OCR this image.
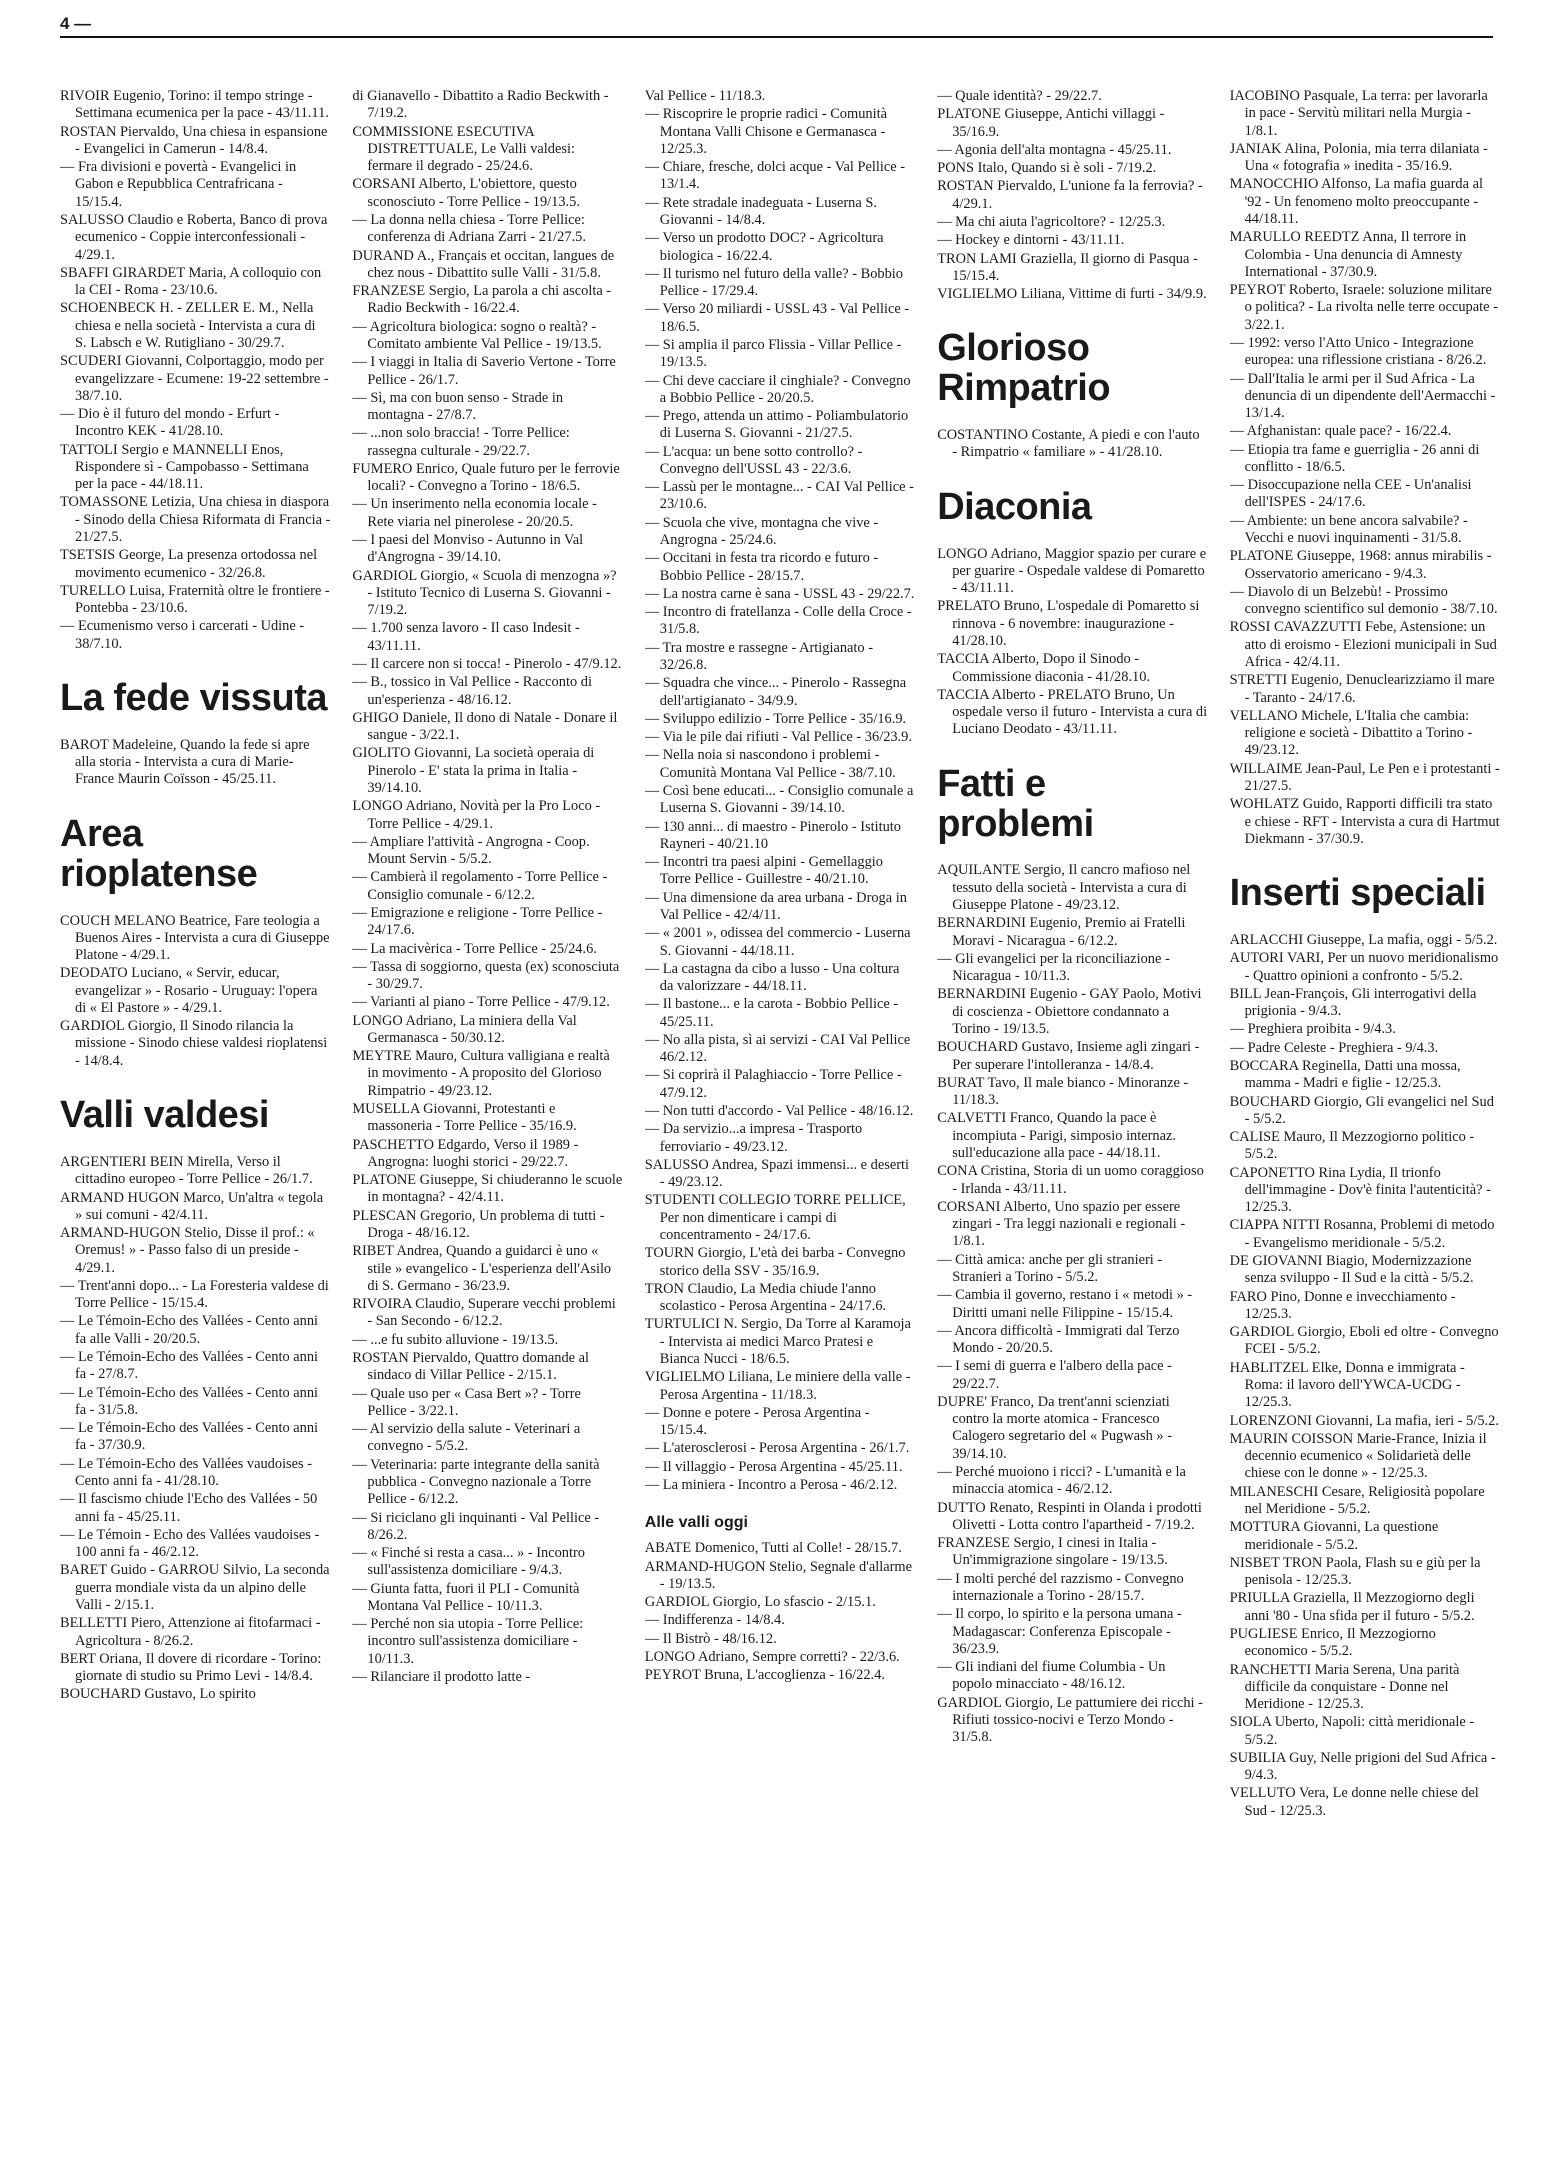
4 —

RIVOIR Eugenio, Torino: il tempo stringe - Settimana ecumenica per la pace - 43/11.11.

ROSTAN Piervaldo, Una chiesa in espansione - Evangelici in Camerun - 14/8.4.

— Fra divisioni e povertà - Evangelici in Gabon e Repubblica Centrafricana - 15/15.4.

SALUSSO Claudio e Roberta, Banco di prova ecumenico - Coppie interconfessionali - 4/29.1.

SBAFFI GIRARDET Maria, A colloquio con la CEI - Roma - 23/10.6.

SCHOENBECK H. - ZELLER E. M., Nella chiesa e nella società - Intervista a cura di S. Labsch e W. Rutigliano - 30/29.7.

SCUDERI Giovanni, Colportaggio, modo per evangelizzare - Ecumene: 19-22 settembre - 38/7.10.

— Dio è il futuro del mondo - Erfurt - Incontro KEK - 41/28.10.

TATTOLI Sergio e MANNELLI Enos, Rispondere sì - Campobasso - Settimana per la pace - 44/18.11.

TOMASSONE Letizia, Una chiesa in diaspora - Sinodo della Chiesa Riformata di Francia - 21/27.5.

TSETSIS George, La presenza ortodossa nel movimento ecumenico - 32/26.8.

TURELLO Luisa, Fraternità oltre le frontiere - Pontebba - 23/10.6.

— Ecumenismo verso i carcerati - Udine - 38/7.10.

La fede vissuta

BAROT Madeleine, Quando la fede si apre alla storia - Intervista a cura di Marie-France Maurin Coïsson - 45/25.11.

Area rioplatense

COUCH MELANO Beatrice, Fare teologia a Buenos Aires - Intervista a cura di Giuseppe Platone - 4/29.1.

DEODATO Luciano, « Servir, educar, evangelizar » - Rosario - Uruguay: l'opera di « El Pastore » - 4/29.1.

GARDIOL Giorgio, Il Sinodo rilancia la missione - Sinodo chiese valdesi rioplatensi - 14/8.4.

Valli valdesi

ARGENTIERI BEIN Mirella, Verso il cittadino europeo - Torre Pellice - 26/1.7.

ARMAND HUGON Marco, Un'altra « tegola » sui comuni - 42/4.11.

ARMAND-HUGON Stelio, Disse il prof.: « Oremus! » - Passo falso di un preside - 4/29.1.

— Trent'anni dopo... - La Foresteria valdese di Torre Pellice - 15/15.4.

— Le Témoin-Echo des Vallées - Cento anni fa alle Valli - 20/20.5.

— Le Témoin-Echo des Vallées - Cento anni fa - 27/8.7.

— Le Témoin-Echo des Vallées - Cento anni fa - 31/5.8.

— Le Témoin-Echo des Vallées - Cento anni fa - 37/30.9.

— Le Témoin-Echo des Vallées vaudoises - Cento anni fa - 41/28.10.

— Il fascismo chiude l'Echo des Vallées - 50 anni fa - 45/25.11.

— Le Témoin - Echo des Vallées vaudoises - 100 anni fa - 46/2.12.

BARET Guido - GARROU Silvio, La seconda guerra mondiale vista da un alpino delle Valli - 2/15.1.

BELLETTI Piero, Attenzione ai fitofarmaci - Agricoltura - 8/26.2.

BERT Oriana, Il dovere di ricordare - Torino: giornate di studio su Primo Levi - 14/8.4.

BOUCHARD Gustavo, Lo spirito

di Gianavello - Dibattito a Radio Beckwith - 7/19.2.

COMMISSIONE ESECUTIVA DISTRETTUALE, Le Valli valdesi: fermare il degrado - 25/24.6.

CORSANI Alberto, L'obiettore, questo sconosciuto - Torre Pellice - 19/13.5.

— La donna nella chiesa - Torre Pellice: conferenza di Adriana Zarri - 21/27.5.

DURAND A., Français et occitan, langues de chez nous - Dibattito sulle Valli - 31/5.8.

FRANZESE Sergio, La parola a chi ascolta - Radio Beckwith - 16/22.4.

— Agricoltura biologica: sogno o realtà? - Comitato ambiente Val Pellice - 19/13.5.

— I viaggi in Italia di Saverio Vertone - Torre Pellice - 26/1.7.

— Sì, ma con buon senso - Strade in montagna - 27/8.7.

— ...non solo braccia! - Torre Pellice: rassegna culturale - 29/22.7.

FUMERO Enrico, Quale futuro per le ferrovie locali? - Convegno a Torino - 18/6.5.

— Un inserimento nella economia locale - Rete viaria nel pinerolese - 20/20.5.

— I paesi del Monviso - Autunno in Val d'Angrogna - 39/14.10.

GARDIOL Giorgio, « Scuola di menzogna »? - Istituto Tecnico di Luserna S. Giovanni - 7/19.2.

— 1.700 senza lavoro - Il caso Indesit - 43/11.11.

— Il carcere non si tocca! - Pinerolo - 47/9.12.

— B., tossico in Val Pellice - Racconto di un'esperienza - 48/16.12.

GHIGO Daniele, Il dono di Natale - Donare il sangue - 3/22.1.

GIOLITO Giovanni, La società operaia di Pinerolo - E' stata la prima in Italia - 39/14.10.

LONGO Adriano, Novità per la Pro Loco - Torre Pellice - 4/29.1.

— Ampliare l'attività - Angrogna - Coop. Mount Servin - 5/5.2.

— Cambierà il regolamento - Torre Pellice - Consiglio comunale - 6/12.2.

— Emigrazione e religione - Torre Pellice - 24/17.6.

— La macivèrica - Torre Pellice - 25/24.6.

— Tassa di soggiorno, questa (ex) sconosciuta - 30/29.7.

— Varianti al piano - Torre Pellice - 47/9.12.

LONGO Adriano, La miniera della Val Germanasca - 50/30.12.

MEYTRE Mauro, Cultura valligiana e realtà in movimento - A proposito del Glorioso Rimpatrio - 49/23.12.

MUSELLA Giovanni, Protestanti e massoneria - Torre Pellice - 35/16.9.

PASCHETTO Edgardo, Verso il 1989 - Angrogna: luoghi storici - 29/22.7.

PLATONE Giuseppe, Si chiuderanno le scuole in montagna? - 42/4.11.

PLESCAN Gregorio, Un problema di tutti - Droga - 48/16.12.

RIBET Andrea, Quando a guidarci è uno « stile » evangelico - L'esperienza dell'Asilo di S. Germano - 36/23.9.

RIVOIRA Claudio, Superare vecchi problemi - San Secondo - 6/12.2.

— ...e fu subito alluvione - 19/13.5.

ROSTAN Piervaldo, Quattro domande al sindaco di Villar Pellice - 2/15.1.

— Quale uso per « Casa Bert »? - Torre Pellice - 3/22.1.

— Al servizio della salute - Veterinari a convegno - 5/5.2.

— Veterinaria: parte integrante della sanità pubblica - Convegno nazionale a Torre Pellice - 6/12.2.

— Si riciclano gli inquinanti - Val Pellice - 8/26.2.

— « Finché si resta a casa... » - Incontro sull'assistenza domiciliare - 9/4.3.

— Giunta fatta, fuori il PLI - Comunità Montana Val Pellice - 10/11.3.

— Perché non sia utopia - Torre Pellice: incontro sull'assistenza domiciliare - 10/11.3.

— Rilanciare il prodotto latte -

Val Pellice - 11/18.3.

— Riscoprire le proprie radici - Comunità Montana Valli Chisone e Germanasca - 12/25.3.

— Chiare, fresche, dolci acque - Val Pellice - 13/1.4.

— Rete stradale inadeguata - Luserna S. Giovanni - 14/8.4.

— Verso un prodotto DOC? - Agricoltura biologica - 16/22.4.

— Il turismo nel futuro della valle? - Bobbio Pellice - 17/29.4.

— Verso 20 miliardi - USSL 43 - Val Pellice - 18/6.5.

— Si amplia il parco Flissia - Villar Pellice - 19/13.5.

— Chi deve cacciare il cinghiale? - Convegno a Bobbio Pellice - 20/20.5.

— Prego, attenda un attimo - Poliambulatorio di Luserna S. Giovanni - 21/27.5.

— L'acqua: un bene sotto controllo? - Convegno dell'USSL 43 - 22/3.6.

— Lassù per le montagne... - CAI Val Pellice - 23/10.6.

— Scuola che vive, montagna che vive - Angrogna - 25/24.6.

— Occitani in festa tra ricordo e futuro - Bobbio Pellice - 28/15.7.

— La nostra carne è sana - USSL 43 - 29/22.7.

— Incontro di fratellanza - Colle della Croce - 31/5.8.

— Tra mostre e rassegne - Artigianato - 32/26.8.

— Squadra che vince... - Pinerolo - Rassegna dell'artigianato - 34/9.9.

— Sviluppo edilizio - Torre Pellice - 35/16.9.

— Via le pile dai rifiuti - Val Pellice - 36/23.9.

— Nella noia si nascondono i problemi - Comunità Montana Val Pellice - 38/7.10.

— Così bene educati... - Consiglio comunale a Luserna S. Giovanni - 39/14.10.

— 130 anni... di maestro - Pinerolo - Istituto Rayneri - 40/21.10

— Incontri tra paesi alpini - Gemellaggio Torre Pellice - Guillestre - 40/21.10.

— Una dimensione da area urbana - Droga in Val Pellice - 42/4/11.

— « 2001 », odissea del commercio - Luserna S. Giovanni - 44/18.11.

— La castagna da cibo a lusso - Una coltura da valorizzare - 44/18.11.

— Il bastone... e la carota - Bobbio Pellice - 45/25.11.

— No alla pista, sì ai servizi - CAI Val Pellice 46/2.12.

— Si coprirà il Palaghiaccio - Torre Pellice - 47/9.12.

— Non tutti d'accordo - Val Pellice - 48/16.12.

— Da servizio...a impresa - Trasporto ferroviario - 49/23.12.

SALUSSO Andrea, Spazi immensi... e deserti - 49/23.12.

STUDENTI COLLEGIO TORRE PELLICE, Per non dimenticare i campi di concentramento - 24/17.6.

TOURN Giorgio, L'età dei barba - Convegno storico della SSV - 35/16.9.

TRON Claudio, La Media chiude l'anno scolastico - Perosa Argentina - 24/17.6.

TURTULICI N. Sergio, Da Torre al Karamoja - Intervista ai medici Marco Pratesi e Bianca Nucci - 18/6.5.

VIGLIELMO Liliana, Le miniere della valle - Perosa Argentina - 11/18.3.

— Donne e potere - Perosa Argentina - 15/15.4.

— L'aterosclerosi - Perosa Argentina - 26/1.7.

— Il villaggio - Perosa Argentina - 45/25.11.

— La miniera - Incontro a Perosa - 46/2.12.

Alle valli oggi

ABATE Domenico, Tutti al Colle! - 28/15.7.

ARMAND-HUGON Stelio, Segnale d'allarme - 19/13.5.

GARDIOL Giorgio, Lo sfascio - 2/15.1.

— Indifferenza - 14/8.4.

— Il Bistrò - 48/16.12.

LONGO Adriano, Sempre corretti? - 22/3.6.

PEYROT Bruna, L'accoglienza - 16/22.4.

— Quale identità? - 29/22.7.

PLATONE Giuseppe, Antichi villaggi - 35/16.9.

— Agonia dell'alta montagna - 45/25.11.

PONS Italo, Quando si è soli - 7/19.2.

ROSTAN Piervaldo, L'unione fa la ferrovia? - 4/29.1.

— Ma chi aiuta l'agricoltore? - 12/25.3.

— Hockey e dintorni - 43/11.11.

TRON LAMI Graziella, Il giorno di Pasqua - 15/15.4.

VIGLIELMO Liliana, Vittime di furti - 34/9.9.

Glorioso Rimpatrio

COSTANTINO Costante, A piedi e con l'auto - Rimpatrio « familiare » - 41/28.10.

Diaconia

LONGO Adriano, Maggior spazio per curare e per guarire - Ospedale valdese di Pomaretto - 43/11.11.

PRELATO Bruno, L'ospedale di Pomaretto si rinnova - 6 novembre: inaugurazione - 41/28.10.

TACCIA Alberto, Dopo il Sinodo - Commissione diaconia - 41/28.10.

TACCIA Alberto - PRELATO Bruno, Un ospedale verso il futuro - Intervista a cura di Luciano Deodato - 43/11.11.

Fatti e problemi

AQUILANTE Sergio, Il cancro mafioso nel tessuto della società - Intervista a cura di Giuseppe Platone - 49/23.12.

BERNARDINI Eugenio, Premio ai Fratelli Moravi - Nicaragua - 6/12.2.

— Gli evangelici per la riconciliazione - Nicaragua - 10/11.3.

BERNARDINI Eugenio - GAY Paolo, Motivi di coscienza - Obiettore condannato a Torino - 19/13.5.

BOUCHARD Gustavo, Insieme agli zingari - Per superare l'intolleranza - 14/8.4.

BURAT Tavo, Il male bianco - Minoranze - 11/18.3.

CALVETTI Franco, Quando la pace è incompiuta - Parigi, simposio internaz. sull'educazione alla pace - 44/18.11.

CONA Cristina, Storia di un uomo coraggioso - Irlanda - 43/11.11.

CORSANI Alberto, Uno spazio per essere zingari - Tra leggi nazionali e regionali - 1/8.1.

— Città amica: anche per gli stranieri - Stranieri a Torino - 5/5.2.

— Cambia il governo, restano i « metodi » - Diritti umani nelle Filippine - 15/15.4.

— Ancora difficoltà - Immigrati dal Terzo Mondo - 20/20.5.

— I semi di guerra e l'albero della pace - 29/22.7.

DUPRE' Franco, Da trent'anni scienziati contro la morte atomica - Francesco Calogero segretario del « Pugwash » - 39/14.10.

— Perché muoiono i ricci? - L'umanità e la minaccia atomica - 46/2.12.

DUTTO Renato, Respinti in Olanda i prodotti Olivetti - Lotta contro l'apartheid - 7/19.2.

FRANZESE Sergio, I cinesi in Italia - Un'immigrazione singolare - 19/13.5.

— I molti perché del razzismo - Convegno internazionale a Torino - 28/15.7.

— Il corpo, lo spirito e la persona umana - Madagascar: Conferenza Episcopale - 36/23.9.

— Gli indiani del fiume Columbia - Un popolo minacciato - 48/16.12.

GARDIOL Giorgio, Le pattumiere dei ricchi - Rifiuti tossico-nocivi e Terzo Mondo - 31/5.8.

IACOBINO Pasquale, La terra: per lavorarla in pace - Servitù militari nella Murgia - 1/8.1.

JANIAK Alina, Polonia, mia terra dilaniata - Una « fotografia » inedita - 35/16.9.

MANOCCHIO Alfonso, La mafia guarda al '92 - Un fenomeno molto preoccupante - 44/18.11.

MARULLO REEDTZ Anna, Il terrore in Colombia - Una denuncia di Amnesty International - 37/30.9.

PEYROT Roberto, Israele: soluzione militare o politica? - La rivolta nelle terre occupate - 3/22.1.

— 1992: verso l'Atto Unico - Integrazione europea: una riflessione cristiana - 8/26.2.

— Dall'Italia le armi per il Sud Africa - La denuncia di un dipendente dell'Aermacchi - 13/1.4.

— Afghanistan: quale pace? - 16/22.4.

— Etiopia tra fame e guerriglia - 26 anni di conflitto - 18/6.5.

— Disoccupazione nella CEE - Un'analisi dell'ISPES - 24/17.6.

— Ambiente: un bene ancora salvabile? - Vecchi e nuovi inquinamenti - 31/5.8.

PLATONE Giuseppe, 1968: annus mirabilis - Osservatorio americano - 9/4.3.

— Diavolo di un Belzebù! - Prossimo convegno scientifico sul demonio - 38/7.10.

ROSSI CAVAZZUTTI Febe, Astensione: un atto di eroismo - Elezioni municipali in Sud Africa - 42/4.11.

STRETTI Eugenio, Denuclearizziamo il mare - Taranto - 24/17.6.

VELLANO Michele, L'Italia che cambia: religione e società - Dibattito a Torino - 49/23.12.

WILLAIME Jean-Paul, Le Pen e i protestanti - 21/27.5.

WOHLATZ Guido, Rapporti difficili tra stato e chiese - RFT - Intervista a cura di Hartmut Diekmann - 37/30.9.

Inserti speciali

ARLACCHI Giuseppe, La mafia, oggi - 5/5.2.

AUTORI VARI, Per un nuovo meridionalismo - Quattro opinioni a confronto - 5/5.2.

BILL Jean-François, Gli interrogativi della prigionia - 9/4.3.

— Preghiera proibita - 9/4.3.

— Padre Celeste - Preghiera - 9/4.3.

BOCCARA Reginella, Datti una mossa, mamma - Madri e figlie - 12/25.3.

BOUCHARD Giorgio, Gli evangelici nel Sud - 5/5.2.

CALISE Mauro, Il Mezzogiorno politico - 5/5.2.

CAPONETTO Rina Lydia, Il trionfo dell'immagine - Dov'è finita l'autenticità? - 12/25.3.

CIAPPA NITTI Rosanna, Problemi di metodo - Evangelismo meridionale - 5/5.2.

DE GIOVANNI Biagio, Modernizzazione senza sviluppo - Il Sud e la città - 5/5.2.

FARO Pino, Donne e invecchiamento - 12/25.3.

GARDIOL Giorgio, Eboli ed oltre - Convegno FCEI - 5/5.2.

HABLITZEL Elke, Donna e immigrata - Roma: il lavoro dell'YWCA-UCDG - 12/25.3.

LORENZONI Giovanni, La mafia, ieri - 5/5.2.

MAURIN COISSON Marie-France, Inizia il decennio ecumenico « Solidarietà delle chiese con le donne » - 12/25.3.

MILANESCHI Cesare, Religiosità popolare nel Meridione - 5/5.2.

MOTTURA Giovanni, La questione meridionale - 5/5.2.

NISBET TRON Paola, Flash su e giù per la penisola - 12/25.3.

PRIULLA Graziella, Il Mezzogiorno degli anni '80 - Una sfida per il futuro - 5/5.2.

PUGLIESE Enrico, Il Mezzogiorno economico - 5/5.2.

RANCHETTI Maria Serena, Una parità difficile da conquistare - Donne nel Meridione - 12/25.3.

SIOLA Uberto, Napoli: città meridionale - 5/5.2.

SUBILIA Guy, Nelle prigioni del Sud Africa - 9/4.3.

VELLUTO Vera, Le donne nelle chiese del Sud - 12/25.3.
